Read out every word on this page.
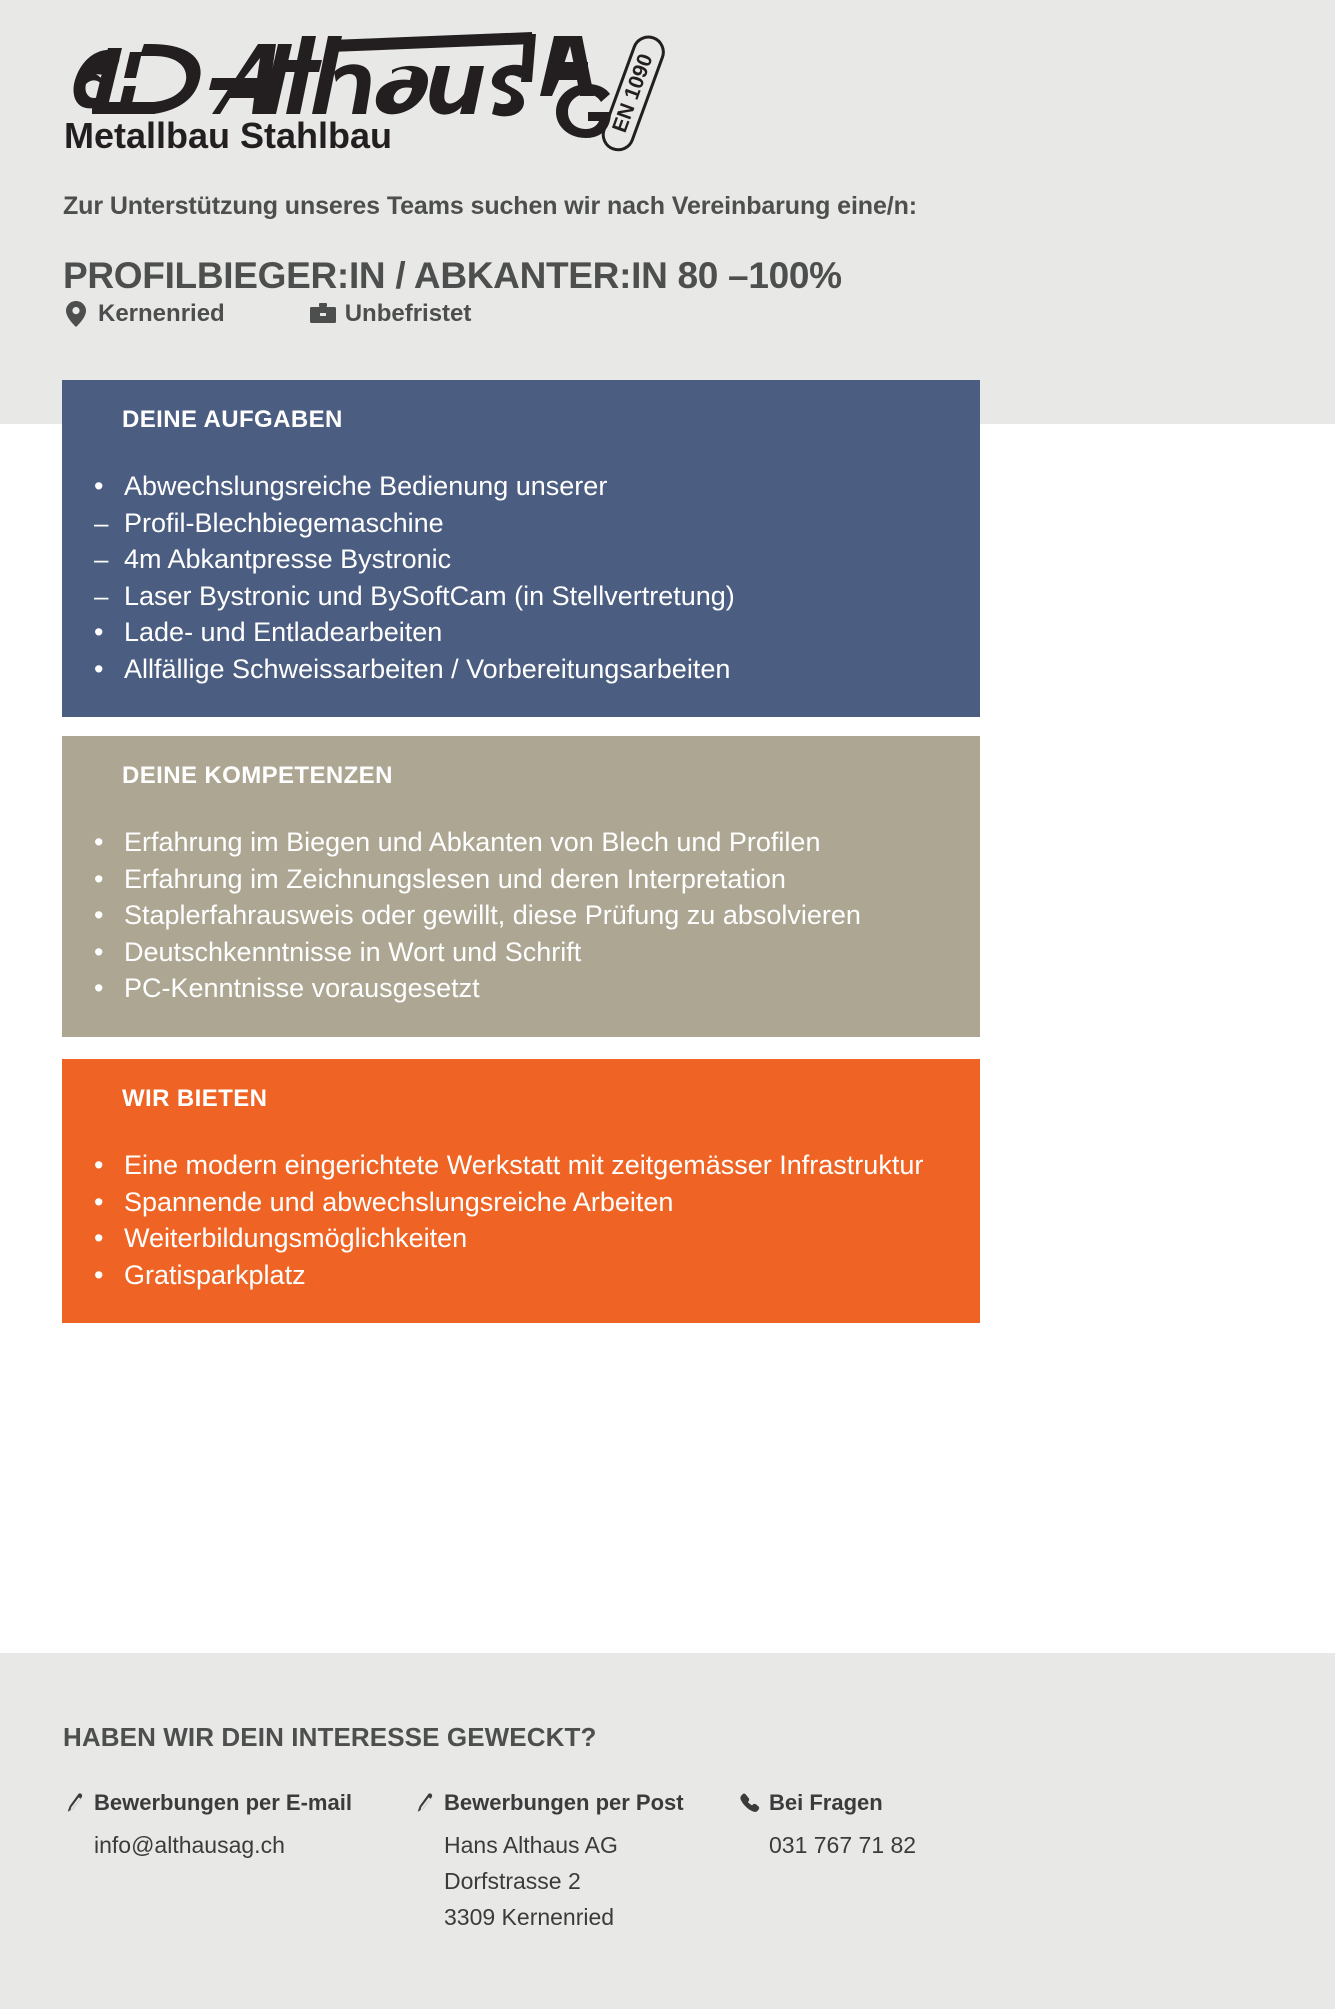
EN 1090
Metallbau Stahlbau
Zur Unterstützung unseres Teams suchen wir nach Vereinbarung eine/n:
PROFILBIEGER:IN / ABKANTER:IN 80 –100%
Kernenried	Unbefristet
DEINE AUFGABEN
• Abwechslungsreiche Bedienung unserer
– Profil-Blechbiegemaschine
– 4m Abkantpresse Bystronic
– Laser Bystronic und BySoftCam (in Stellvertretung)
• Lade- und Entladearbeiten
• Allfällige Schweissarbeiten / Vorbereitungsarbeiten
DEINE KOMPETENZEN
• Erfahrung im Biegen und Abkanten von Blech und Profilen
• Erfahrung im Zeichnungslesen und deren Interpretation
• Staplerfahrausweis oder gewillt, diese Prüfung zu absolvieren
• Deutschkenntnisse in Wort und Schrift
• PC-Kenntnisse vorausgesetzt
WIR BIETEN
• Eine modern eingerichtete Werkstatt mit zeitgemässer Infrastruktur
• Spannende und abwechslungsreiche Arbeiten
• Weiterbildungsmöglichkeiten
• Gratisparkplatz
HABEN WIR DEIN INTERESSE GEWECKT?
Bewerbungen per E-mail
info@althausag.ch
Bewerbungen per Post
Hans Althaus AG
Dorfstrasse 2
3309 Kernenried
Bei Fragen
031 767 71 82
